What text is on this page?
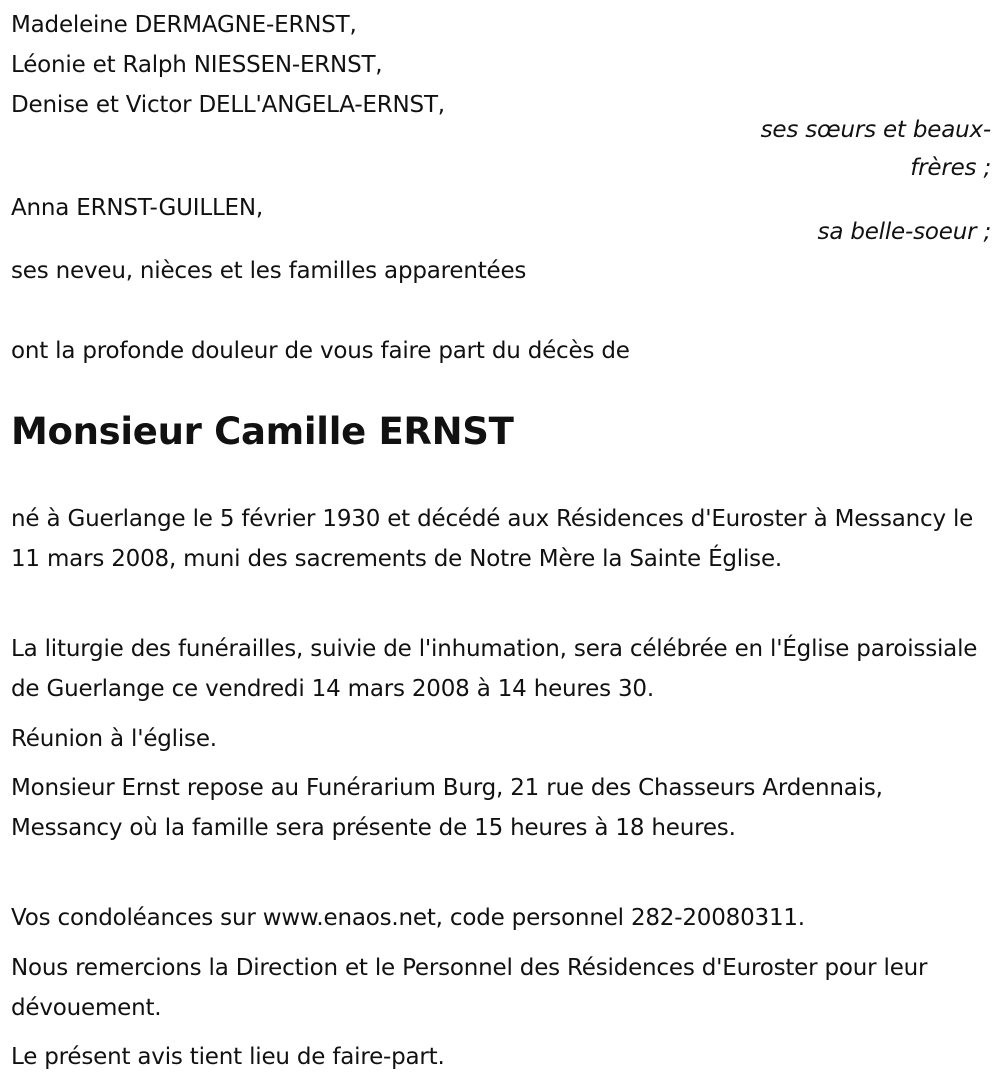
Madeleine DERMAGNE-ERNST,
Léonie et Ralph NIESSEN-ERNST,
Denise et Victor DELL'ANGELA-ERNST,
ses sœurs et beaux-
frères ;
Anna ERNST-GUILLEN,
sa belle-soeur ;
ses neveu, nièces et les familles apparentées
ont la profonde douleur de vous faire part du décès de
Monsieur Camille ERNST
né à Guerlange le 5 février 1930 et décédé aux Résidences d'Euroster à Messancy le 11 mars 2008, muni des sacrements de Notre Mère la Sainte Église.
La liturgie des funérailles, suivie de l'inhumation, sera célébrée en l'Église paroissiale de Guerlange ce vendredi 14 mars 2008 à 14 heures 30.
Réunion à l'église.
Monsieur Ernst repose au Funérarium Burg, 21 rue des Chasseurs Ardennais, Messancy où la famille sera présente de 15 heures à 18 heures.
Vos condoléances sur www.enaos.net, code personnel 282-20080311.
Nous remercions la Direction et le Personnel des Résidences d'Euroster pour leur dévouement.
Le présent avis tient lieu de faire-part.
